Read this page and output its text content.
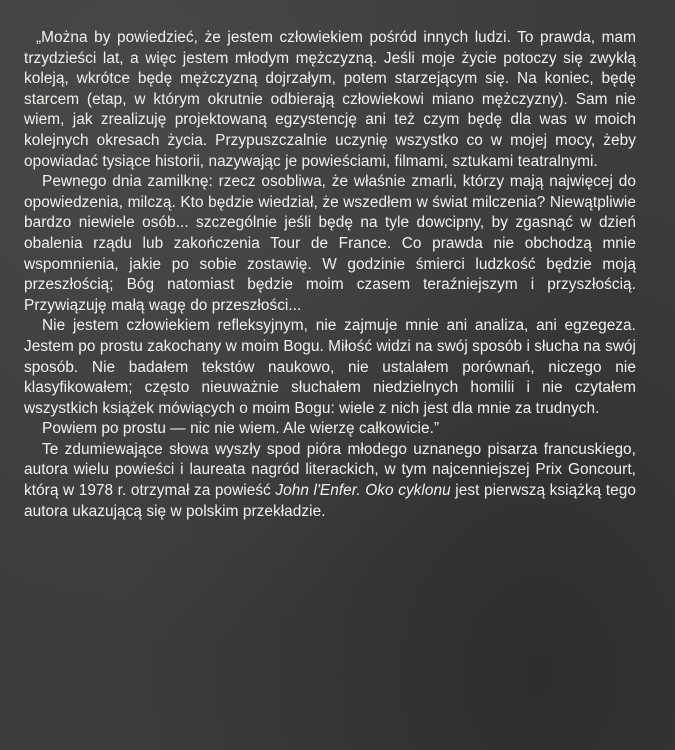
„Można by powiedzieć, że jestem człowiekiem pośród innych ludzi. To prawda, mam trzydzieści lat, a więc jestem młodym mężczyzną. Jeśli moje życie potoczy się zwykłą koleją, wkrótce będę mężczyzną dojrzałym, potem starzejącym się. Na koniec, będę starcem (etap, w którym okrutnie odbierają człowiekowi miano mężczyzny). Sam nie wiem, jak zrealizuję projektowaną egzystencję ani też czym będę dla was w moich kolejnych okresach życia. Przypuszczalnie uczynię wszystko co w mojej mocy, żeby opowiadać tysiące historii, nazywając je powieściami, filmami, sztukami teatralnymi.

Pewnego dnia zamilknę: rzecz osobliwa, że właśnie zmarli, którzy mają najwięcej do opowiedzenia, milczą. Kto będzie wiedział, że wszedłem w świat milczenia? Niewątpliwie bardzo niewiele osób... szczególnie jeśli będę na tyle dowcipny, by zgasnąć w dzień obalenia rządu lub zakończenia Tour de France. Co prawda nie obchodzą mnie wspomnienia, jakie po sobie zostawię. W godzinie śmierci ludzkość będzie moją przeszłością; Bóg natomiast będzie moim czasem teraźniejszym i przyszłością. Przywiązuję małą wagę do przeszłości...

Nie jestem człowiekiem refleksyjnym, nie zajmuje mnie ani analiza, ani egzegeza. Jestem po prostu zakochany w moim Bogu. Miłość widzi na swój sposób i słucha na swój sposób. Nie badałem tekstów naukowo, nie ustalałem porównań, niczego nie klasyfikowałem; często nieuważnie słuchałem niedzielnych homilii i nie czytałem wszystkich książek mówiących o moim Bogu: wiele z nich jest dla mnie za trudnych.

Powiem po prostu — nic nie wiem. Ale wierzę całkowicie.”

Te zdumiewające słowa wyszły spod pióra młodego uznanego pisarza francuskiego, autora wielu powieści i laureata nagród literackich, w tym najcenniejszej Prix Goncourt, którą w 1978 r. otrzymał za powieść John l'Enfer. Oko cyklonu jest pierwszą książką tego autora ukazującą się w polskim przekładzie.
